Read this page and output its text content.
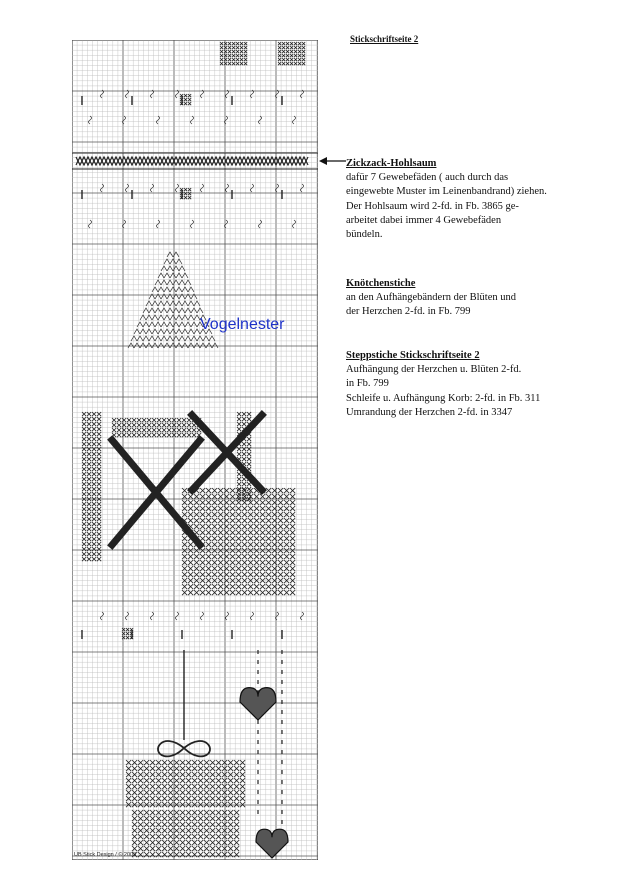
Stickschriftseite 2
Vogelnester
UB Stick Design / © 2003
Zickzack-Hohlsaum

dafür 7 Gewebefäden ( auch durch das

eingewebte Muster im Leinenbandrand) ziehen.

Der Hohlsaum wird 2-fd. in Fb. 3865 ge-

arbeitet dabei immer 4 Gewebefäden

bündeln.

Knötchenstiche

an den Aufhängebändern der Blüten und

der Herzchen 2-fd. in Fb. 799

Steppstiche Stickschriftseite 2

Aufhängung der Herzchen u. Blüten 2-fd.

in Fb. 799

Schleife u. Aufhängung Korb: 2-fd. in Fb. 311

Umrandung der Herzchen 2-fd. in 3347
